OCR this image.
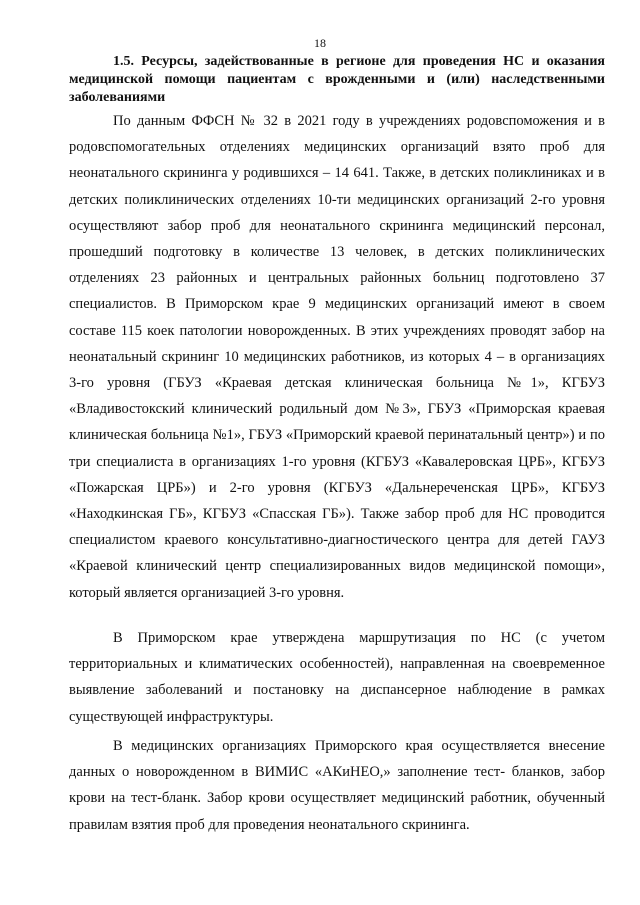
18

1.5. Ресурсы, задействованные в регионе для проведения НС и оказания медицинской помощи пациентам с врожденными и (или) наследственными заболеваниями

По данным ФФСН № 32 в 2021 году в учреждениях родовспоможения и в родовспомогательных отделениях медицинских организаций взято проб для неонатального скрининга у родившихся – 14 641. Также, в детских поликлиниках и в детских поликлинических отделениях 10-ти медицинских организаций 2-го уровня осуществляют забор проб для неонатального скрининга медицинский персонал, прошедший подготовку в количестве 13 человек, в детских поликлинических отделениях 23 районных и центральных районных больниц подготовлено 37 специалистов. В Приморском крае 9 медицинских организаций имеют в своем составе 115 коек патологии новорожденных. В этих учреждениях проводят забор на неонатальный скрининг 10 медицинских работников, из которых 4 – в организациях 3-го уровня (ГБУЗ «Краевая детская клиническая больница №1», КГБУЗ «Владивостокский клинический родильный дом №3», ГБУЗ «Приморская краевая клиническая больница №1», ГБУЗ «Приморский краевой перинатальный центр») и по три специалиста в организациях 1-го уровня (КГБУЗ «Кавалеровская ЦРБ», КГБУЗ «Пожарская ЦРБ») и 2-го уровня (КГБУЗ «Дальнереченская ЦРБ», КГБУЗ «Находкинская ГБ», КГБУЗ «Спасская ГБ»). Также забор проб для НС проводится специалистом краевого консультативно-диагностического центра для детей ГАУЗ «Краевой клинический центр специализированных видов медицинской помощи», который является организацией 3-го уровня.

В Приморском крае утверждена маршрутизация по НС (с учетом территориальных и климатических особенностей), направленная на своевременное выявление заболеваний и постановку на диспансерное наблюдение в рамках существующей инфраструктуры.

В медицинских организациях Приморского края осуществляется внесение данных о новорожденном в ВИМИС «АКиНЕО,» заполнение тест- бланков, забор крови на тест-бланк. Забор крови осуществляет медицинский работник, обученный правилам взятия проб для проведения неонатального скрининга.
